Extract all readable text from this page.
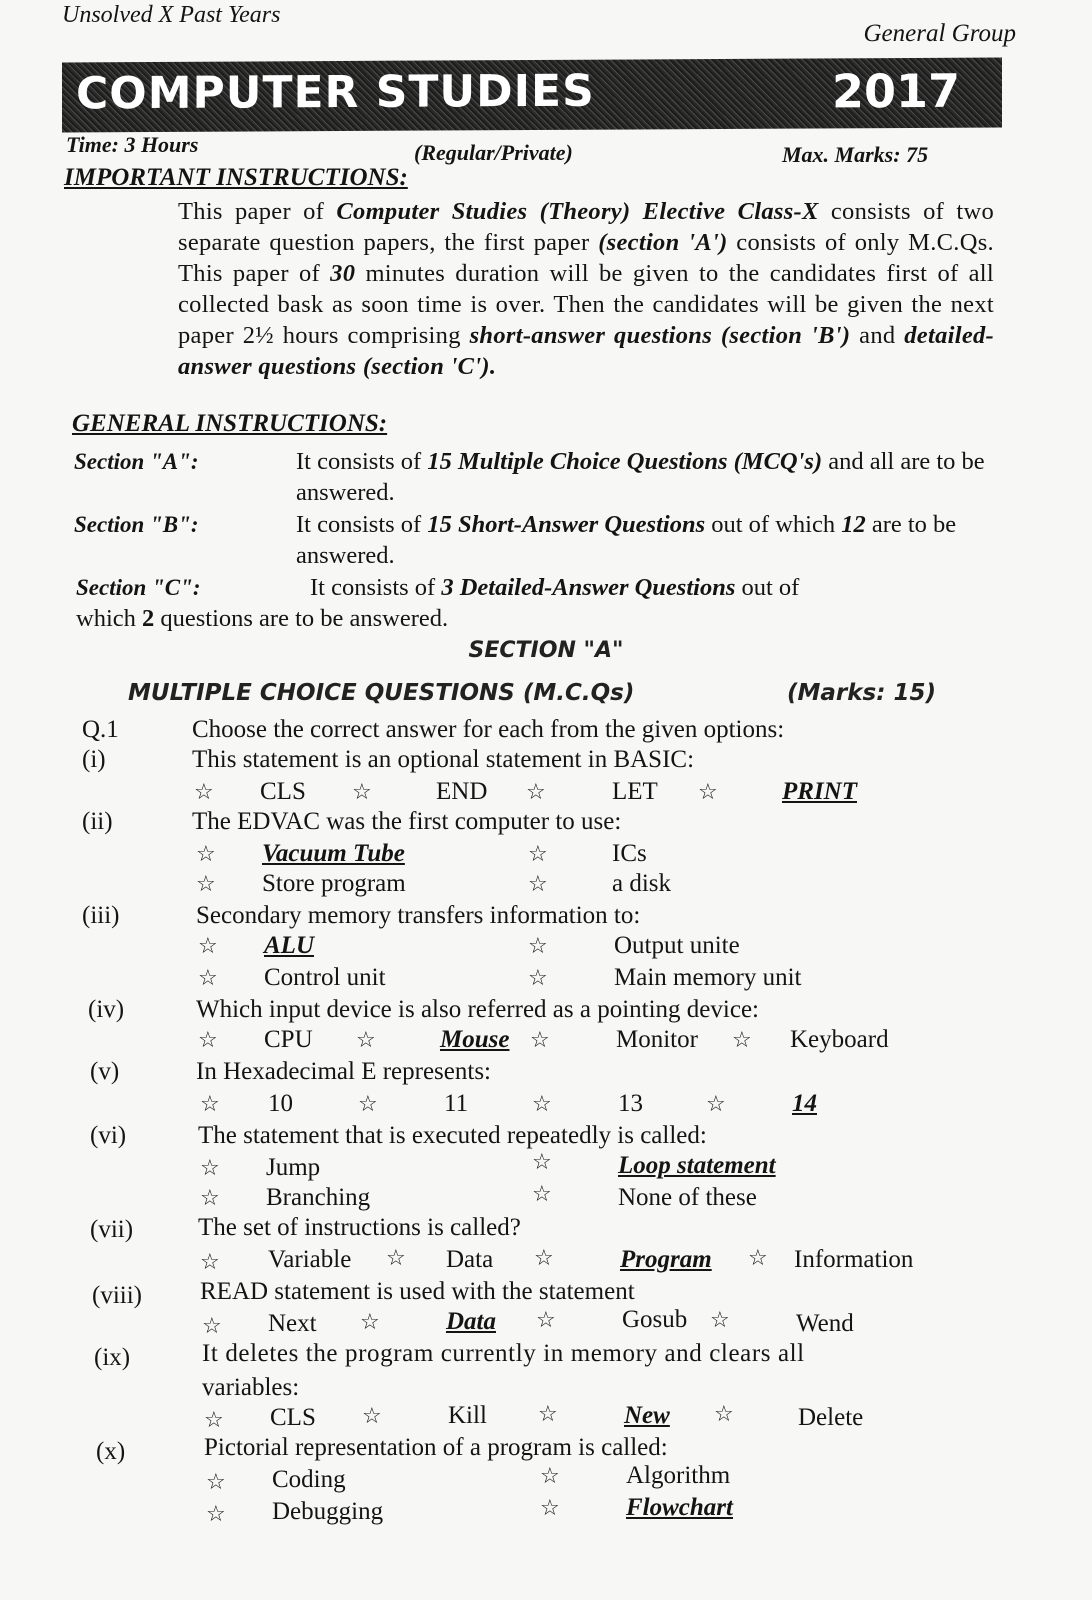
Unsolved X Past Years
General Group
COMPUTER STUDIES	2017
Time: 3 Hours	(Regular/Private)	Max. Marks: 75
IMPORTANT INSTRUCTIONS:
This paper of Computer Studies (Theory) Elective Class-X consists of two separate question papers, the first paper (section 'A') consists of only M.C.Qs. This paper of 30 minutes duration will be given to the candidates first of all collected bask as soon time is over. Then the candidates will be given the next paper 2½ hours comprising short-answer questions (section 'B') and detailed-answer questions (section 'C').
GENERAL INSTRUCTIONS:
Section "A":	It consists of 15 Multiple Choice Questions (MCQ's) and all are to be answered.
Section "B":	It consists of 15 Short-Answer Questions out of which 12 are to be answered.
Section "C":	It consists of 3 Detailed-Answer Questions out of
which 2 questions are to be answered.
SECTION "A"
MULTIPLE CHOICE QUESTIONS (M.C.Qs)	(Marks: 15)
Q.1	Choose the correct answer for each from the given options:
(i)	This statement is an optional statement in BASIC:
☆ CLS ☆	END ☆	LET ☆	PRINT
(ii)	The EDVAC was the first computer to use:
☆ Vacuum Tube	☆	ICs
☆ Store program	☆	a disk
(iii)	Secondary memory transfers information to:
☆ ALU	☆	Output unite
☆ Control unit	☆	Main memory unit
(iv)	Which input device is also referred as a pointing device:
☆ CPU ☆	Mouse ☆	Monitor ☆ Keyboard
(v)	In Hexadecimal E represents:
☆ 10	☆	11	☆	13	☆	14
(vi)	The statement that is executed repeatedly is called:
☆ Jump	☆	Loop statement
☆ Branching	☆	None of these
(vii)	The set of instructions is called?
☆ Variable ☆ Data ☆	Program ☆ Information
(viii) READ statement is used with the statement
☆ Next ☆	Data ☆	Gosub ☆	Wend
(ix)	It deletes the program currently in memory and clears all
variables:
☆ CLS ☆	Kill ☆	New ☆	Delete
(x)	Pictorial representation of a program is called:
☆ Coding	☆	Algorithm
☆ Debugging	☆	Flowchart
